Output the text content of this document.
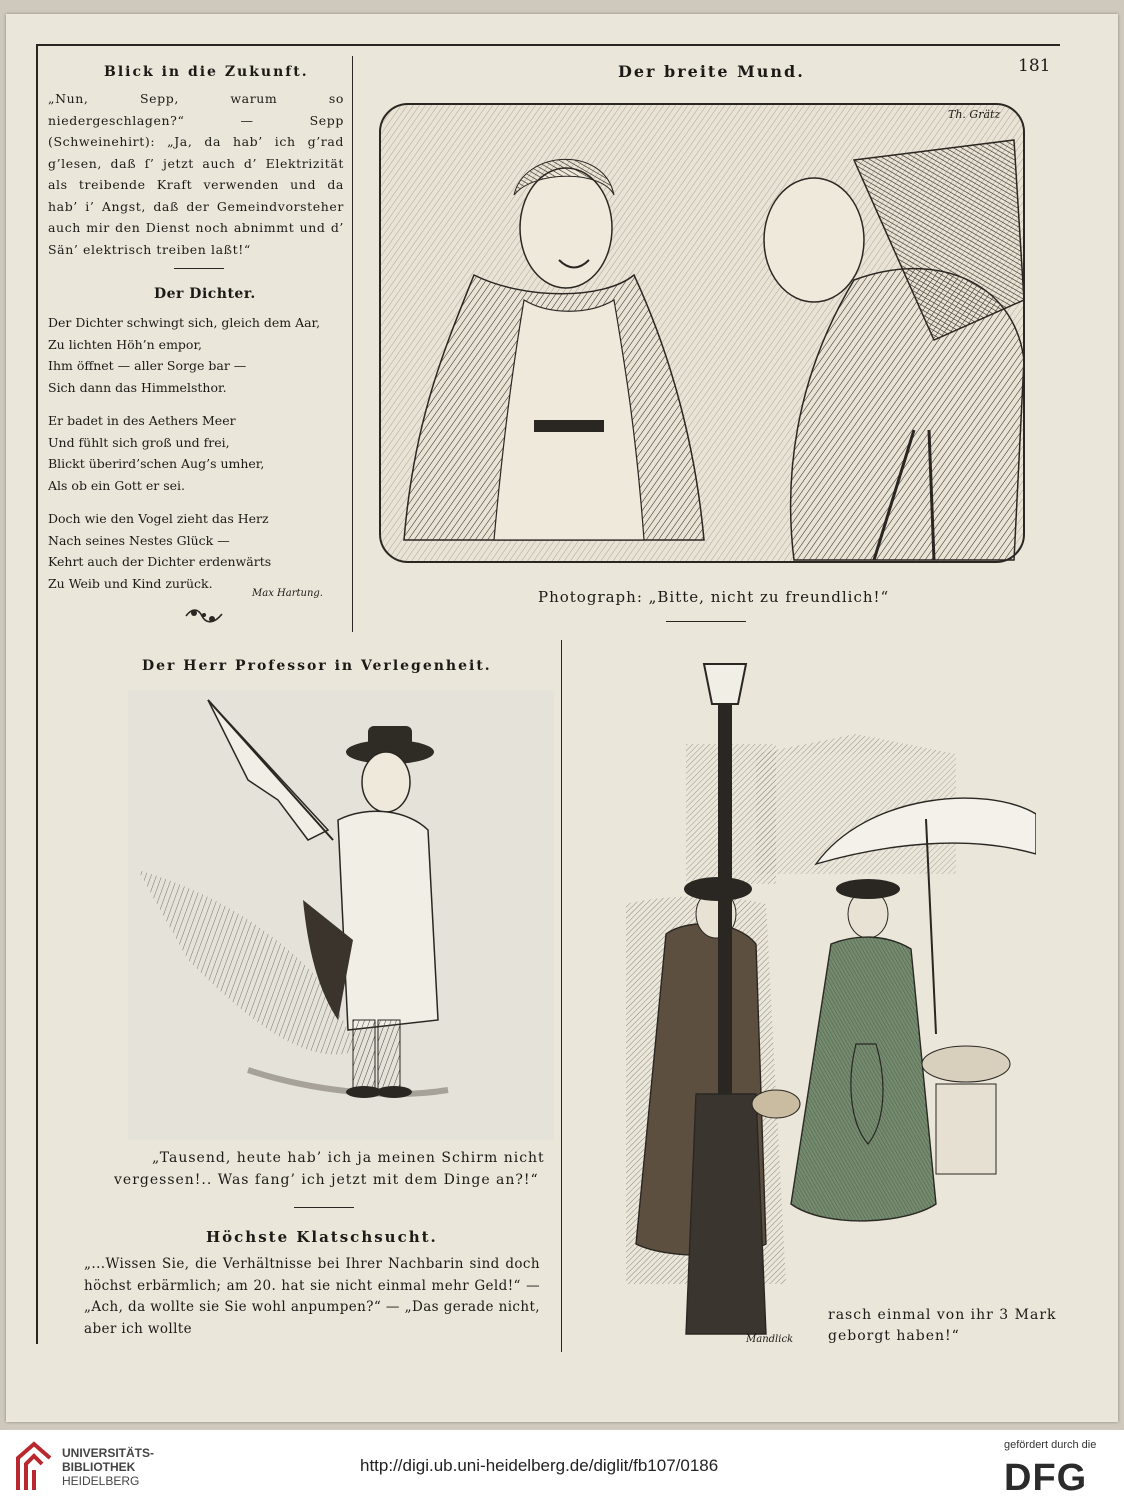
181
Blick in die Zukunft.
„Nun, Sepp, warum so niedergeschlagen?“ — Sepp (Schweinehirt): „Ja, da hab’ ich g’rad g’lesen, daß ſ’ jetzt auch d’ Elektrizität als treibende Kraft verwenden und da hab’ i’ Angst, daß der Gemeindvorsteher auch mir den Dienst noch abnimmt und d’ Sän’ elektrisch treiben laßt!“
Der Dichter.

Der Dichter schwingt sich, gleich dem Aar,
Zu lichten Höh’n empor,
Ihm öffnet — aller Sorge bar —
Sich dann das Himmelsthor.

Er badet in des Aethers Meer
Und fühlt sich groß und frei,
Blickt überird’schen Aug’s umher,
Als ob ein Gott er sei.

Doch wie den Vogel zieht das Herz
Nach seines Nestes Glück —
Kehrt auch der Dichter erdenwärts
Zu Weib und Kind zurück.

Max Hartung.
Der breite Mund.
Th. Grätz
Photograph: „Bitte, nicht zu freundlich!“
Der Herr Professor in Verlegenheit.
„Tausend, heute hab’ ich ja meinen Schirm nicht
vergessen!.. Was fang’ ich jetzt mit dem Dinge an?!“
Höchste Klatschsucht.
„...Wissen Sie, die Verhältnisse bei Ihrer Nachbarin sind doch höchst erbärmlich; am 20. hat sie nicht einmal mehr Geld!“ — „Ach, da wollte sie Sie wohl anpumpen?“ — „Das gerade nicht, aber ich wollte
Mandlick
rasch einmal von ihr 3 Mark
geborgt haben!“
UNIVERSITÄTS-
BIBLIOTHEK
HEIDELBERG
http://digi.ub.uni-heidelberg.de/diglit/fb107/0186
gefördert durch die
DFG
